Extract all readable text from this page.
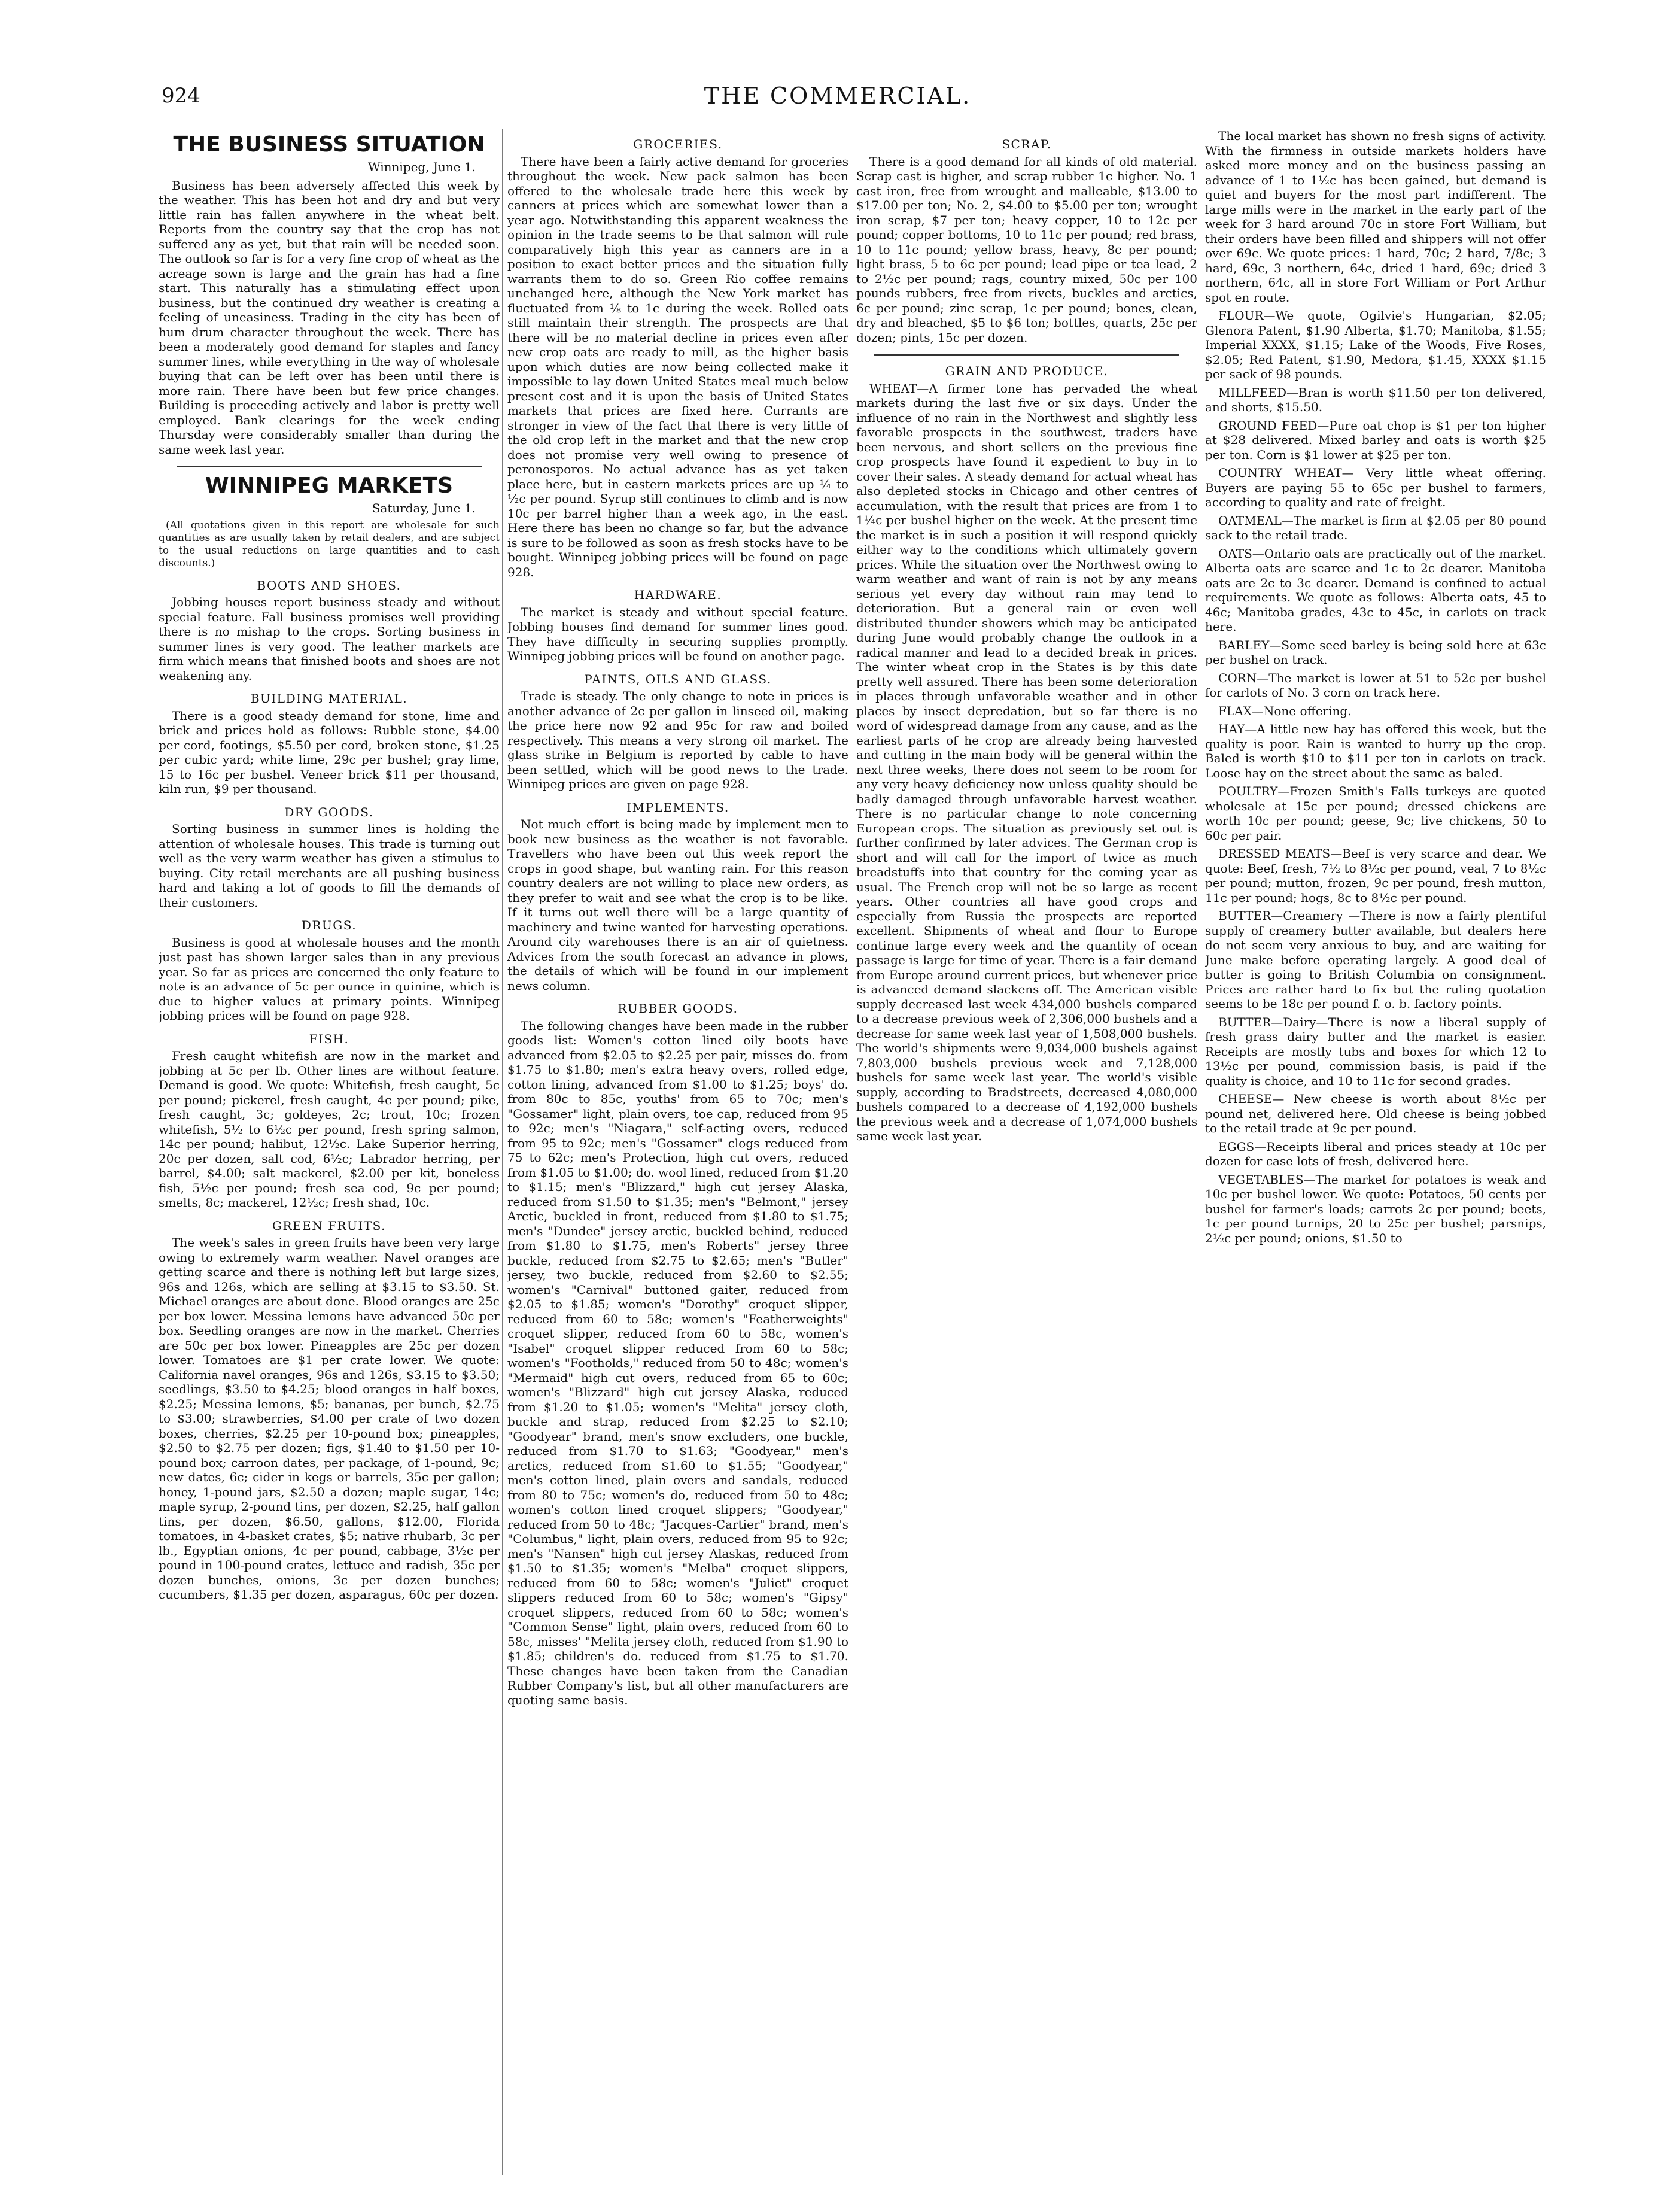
924	THE COMMERCIAL.
THE BUSINESS SITUATION

Winnipeg, June 1.

Business has been adversely affected this week by the weather. This has been hot and dry and but very little rain has fallen anywhere in the wheat belt. Reports from the country say that the crop has not suffered any as yet, but that rain will be needed soon. The outlook so far is for a very fine crop of wheat as the acreage sown is large and the grain has had a fine start. This naturally has a stimulating effect upon business, but the continued dry weather is creating a feeling of uneasiness. Trading in the city has been of hum drum character throughout the week. There has been a moderately good demand for staples and fancy summer lines, while everything in the way of wholesale buying that can be left over has been until there is more rain. There have been but few price changes. Building is proceeding actively and labor is pretty well employed. Bank clearings for the week ending Thursday were considerably smaller than during the same week last year.

WINNIPEG MARKETS

Saturday, June 1.

(All quotations given in this report are wholesale for such quantities as are usually taken by retail dealers, and are subject to the usual reductions on large quantities and to cash discounts.)

BOOTS AND SHOES.

Jobbing houses report business steady and without special feature. Fall business promises well providing there is no mishap to the crops. Sorting business in summer lines is very good. The leather markets are firm which means that finished boots and shoes are not weakening any.

BUILDING MATERIAL.

There is a good steady demand for stone, lime and brick and prices hold as follows: Rubble stone, $4.00 per cord, footings, $5.50 per cord, broken stone, $1.25 per cubic yard; white lime, 29c per bushel; gray lime, 15 to 16c per bushel. Veneer brick $11 per thousand, kiln run, $9 per thousand.

DRY GOODS.

Sorting business in summer lines is holding the attention of wholesale houses. This trade is turning out well as the very warm weather has given a stimulus to buying. City retail merchants are all pushing business hard and taking a lot of goods to fill the demands of their customers.

DRUGS.

Business is good at wholesale houses and the month just past has shown larger sales than in any previous year. So far as prices are concerned the only feature to note is an advance of 5c per ounce in quinine, which is due to higher values at primary points. Winnipeg jobbing prices will be found on page 928.

FISH.

Fresh caught whitefish are now in the market and jobbing at 5c per lb. Other lines are without feature. Demand is good. We quote: Whitefish, fresh caught, 5c per pound; pickerel, fresh caught, 4c per pound; pike, fresh caught, 3c; goldeyes, 2c; trout, 10c; frozen whitefish, 5½ to 6½c per pound, fresh spring salmon, 14c per pound; halibut, 12½c. Lake Superior herring, 20c per dozen, salt cod, 6½c; Labrador herring, per barrel, $4.00; salt mackerel, $2.00 per kit, boneless fish, 5½c per pound; fresh sea cod, 9c per pound; smelts, 8c; mackerel, 12½c; fresh shad, 10c.

GREEN FRUITS.

The week's sales in green fruits have been very large owing to extremely warm weather. Navel oranges are getting scarce and there is nothing left but large sizes, 96s and 126s, which are selling at $3.15 to $3.50. St. Michael oranges are about done. Blood oranges are 25c per box lower. Messina lemons have advanced 50c per box. Seedling oranges are now in the market. Cherries are 50c per box lower. Pineapples are 25c per dozen lower. Tomatoes are $1 per crate lower. We quote: California navel oranges, 96s and 126s, $3.15 to $3.50; seedlings, $3.50 to $4.25; blood oranges in half boxes, $2.25; Messina lemons, $5; bananas, per bunch, $2.75 to $3.00; strawberries, $4.00 per crate of two dozen boxes, cherries, $2.25 per 10-pound box; pineapples, $2.50 to $2.75 per dozen; figs, $1.40 to $1.50 per 10-pound box; carroon dates, per package, of 1-pound, 9c; new dates, 6c; cider in kegs or barrels, 35c per gallon; honey, 1-pound jars, $2.50 a dozen; maple sugar, 14c; maple syrup, 2-pound tins, per dozen, $2.25, half gallon tins, per dozen, $6.50, gallons, $12.00, Florida tomatoes, in 4-basket crates, $5; native rhubarb, 3c per lb., Egyptian onions, 4c per pound, cabbage, 3½c per pound in 100-pound crates, lettuce and radish, 35c per dozen bunches, onions, 3c per dozen bunches; cucumbers, $1.35 per dozen, asparagus, 60c per dozen.

GROCERIES.

There have been a fairly active demand for groceries throughout the week. New pack salmon has been offered to the wholesale trade here this week by canners at prices which are somewhat lower than a year ago. Notwithstanding this apparent weakness the opinion in the trade seems to be that salmon will rule comparatively high this year as canners are in a position to exact better prices and the situation fully warrants them to do so. Green Rio coffee remains unchanged here, although the New York market has fluctuated from ⅛ to 1c during the week. Rolled oats still maintain their strength. The prospects are that there will be no material decline in prices even after new crop oats are ready to mill, as the higher basis upon which duties are now being collected make it impossible to lay down United States meal much below present cost and it is upon the basis of United States markets that prices are fixed here. Currants are stronger in view of the fact that there is very little of the old crop left in the market and that the new crop does not promise very well owing to presence of peronosporos. No actual advance has as yet taken place here, but in eastern markets prices are up ¼ to ½c per pound. Syrup still continues to climb and is now 10c per barrel higher than a week ago, in the east. Here there has been no change so far, but the advance is sure to be followed as soon as fresh stocks have to be bought. Winnipeg jobbing prices will be found on page 928.

HARDWARE.

The market is steady and without special feature. Jobbing houses find demand for summer lines good. They have difficulty in securing supplies promptly. Winnipeg jobbing prices will be found on another page.

PAINTS, OILS AND GLASS.

Trade is steady. The only change to note in prices is another advance of 2c per gallon in linseed oil, making the price here now 92 and 95c for raw and boiled respectively. This means a very strong oil market. The glass strike in Belgium is reported by cable to have been settled, which will be good news to the trade. Winnipeg prices are given on page 928.

IMPLEMENTS.

Not much effort is being made by implement men to book new business as the weather is not favorable. Travellers who have been out this week report the crops in good shape, but wanting rain. For this reason country dealers are not willing to place new orders, as they prefer to wait and see what the crop is to be like. If it turns out well there will be a large quantity of machinery and twine wanted for harvesting operations. Around city warehouses there is an air of quietness. Advices from the south forecast an advance in plows, the details of which will be found in our implement news column.

RUBBER GOODS.

The following changes have been made in the rubber goods list: Women's cotton lined oily boots have advanced from $2.05 to $2.25 per pair, misses do. from $1.75 to $1.80; men's extra heavy overs, rolled edge, cotton lining, advanced from $1.00 to $1.25; boys' do. from 80c to 85c, youths' from 65 to 70c; men's "Gossamer" light, plain overs, toe cap, reduced from 95 to 92c; men's "Niagara," self-acting overs, reduced from 95 to 92c; men's "Gossamer" clogs reduced from 75 to 62c; men's Protection, high cut overs, reduced from $1.05 to $1.00; do. wool lined, reduced from $1.20 to $1.15; men's "Blizzard," high cut jersey Alaska, reduced from $1.50 to $1.35; men's "Belmont," jersey Arctic, buckled in front, reduced from $1.80 to $1.75; men's "Dundee" jersey arctic, buckled behind, reduced from $1.80 to $1.75, men's Roberts" jersey three buckle, reduced from $2.75 to $2.65; men's "Butler" jersey, two buckle, reduced from $2.60 to $2.55; women's "Carnival" buttoned gaiter, reduced from $2.05 to $1.85; women's "Dorothy" croquet slipper, reduced from 60 to 58c; women's "Featherweights" croquet slipper, reduced from 60 to 58c, women's "Isabel" croquet slipper reduced from 60 to 58c; women's "Footholds," reduced from 50 to 48c; women's "Mermaid" high cut overs, reduced from 65 to 60c; women's "Blizzard" high cut jersey Alaska, reduced from $1.20 to $1.05; women's "Melita" jersey cloth, buckle and strap, reduced from $2.25 to $2.10; "Goodyear" brand, men's snow excluders, one buckle, reduced from $1.70 to $1.63; "Goodyear," men's arctics, reduced from $1.60 to $1.55; "Goodyear," men's cotton lined, plain overs and sandals, reduced from 80 to 75c; women's do, reduced from 50 to 48c; women's cotton lined croquet slippers; "Goodyear," reduced from 50 to 48c; "Jacques-Cartier" brand, men's "Columbus," light, plain overs, reduced from 95 to 92c; men's "Nansen" high cut jersey Alaskas, reduced from $1.50 to $1.35; women's "Melba" croquet slippers, reduced from 60 to 58c; women's "Juliet" croquet slippers reduced from 60 to 58c; women's "Gipsy" croquet slippers, reduced from 60 to 58c; women's "Common Sense" light, plain overs, reduced from 60 to 58c, misses' "Melita jersey cloth, reduced from $1.90 to $1.85; children's do. reduced from $1.75 to $1.70. These changes have been taken from the Canadian Rubber Company's list, but all other manufacturers are quoting same basis.

SCRAP.

There is a good demand for all kinds of old material. Scrap cast is higher, and scrap rubber 1c higher. No. 1 cast iron, free from wrought and malleable, $13.00 to $17.00 per ton; No. 2, $4.00 to $5.00 per ton; wrought iron scrap, $7 per ton; heavy copper, 10 to 12c per pound; copper bottoms, 10 to 11c per pound; red brass, 10 to 11c pound; yellow brass, heavy, 8c per pound; light brass, 5 to 6c per pound; lead pipe or tea lead, 2 to 2½c per pound; rags, country mixed, 50c per 100 pounds rubbers, free from rivets, buckles and arctics, 6c per pound; zinc scrap, 1c per pound; bones, clean, dry and bleached, $5 to $6 ton; bottles, quarts, 25c per dozen; pints, 15c per dozen.

GRAIN AND PRODUCE.

WHEAT—A firmer tone has pervaded the wheat markets during the last five or six days. Under the influence of no rain in the Northwest and slightly less favorable prospects in the southwest, traders have been nervous, and short sellers on the previous fine crop prospects have found it expedient to buy in to cover their sales. A steady demand for actual wheat has also depleted stocks in Chicago and other centres of accumulation, with the result that prices are from 1 to 1¼c per bushel higher on the week. At the present time the market is in such a position it will respond quickly either way to the conditions which ultimately govern prices. While the situation over the Northwest owing to warm weather and want of rain is not by any means serious yet every day without rain may tend to deterioration. But a general rain or even well distributed thunder showers which may be anticipated during June would probably change the outlook in a radical manner and lead to a decided break in prices. The winter wheat crop in the States is by this date pretty well assured. There has been some deterioration in places through unfavorable weather and in other places by insect depredation, but so far there is no word of widespread damage from any cause, and as the earliest parts of he crop are already being harvested and cutting in the main body will be general within the next three weeks, there does not seem to be room for any very heavy deficiency now unless quality should be badly damaged through unfavorable harvest weather. There is no particular change to note concerning European crops. The situation as previously set out is further confirmed by later advices. The German crop is short and will call for the import of twice as much breadstuffs into that country for the coming year as usual. The French crop will not be so large as recent years. Other countries all have good crops and especially from Russia the prospects are reported excellent. Shipments of wheat and flour to Europe continue large every week and the quantity of ocean passage is large for time of year. There is a fair demand from Europe around current prices, but whenever price is advanced demand slackens off. The American visible supply decreased last week 434,000 bushels compared to a decrease previous week of 2,306,000 bushels and a decrease for same week last year of 1,508,000 bushels. The world's shipments were 9,034,000 bushels against 7,803,000 bushels previous week and 7,128,000 bushels for same week last year. The world's visible supply, according to Bradstreets, decreased 4,080,000 bushels compared to a decrease of 4,192,000 bushels the previous week and a decrease of 1,074,000 bushels same week last year.

The local market has shown no fresh signs of activity. With the firmness in outside markets holders have asked more money and on the business passing an advance of 1 to 1½c has been gained, but demand is quiet and buyers for the most part indifferent. The large mills were in the market in the early part of the week for 3 hard around 70c in store Fort William, but their orders have been filled and shippers will not offer over 69c. We quote prices: 1 hard, 70c; 2 hard, 7/8c; 3 hard, 69c, 3 northern, 64c, dried 1 hard, 69c; dried 3 northern, 64c, all in store Fort William or Port Arthur spot en route.

FLOUR—We quote, Ogilvie's Hungarian, $2.05; Glenora Patent, $1.90 Alberta, $1.70; Manitoba, $1.55; Imperial XXXX, $1.15; Lake of the Woods, Five Roses, $2.05; Red Patent, $1.90, Medora, $1.45, XXXX $1.15 per sack of 98 pounds.

MILLFEED—Bran is worth $11.50 per ton delivered, and shorts, $15.50.

GROUND FEED—Pure oat chop is $1 per ton higher at $28 delivered. Mixed barley and oats is worth $25 per ton. Corn is $1 lower at $25 per ton.

COUNTRY WHEAT— Very little wheat offering. Buyers are paying 55 to 65c per bushel to farmers, according to quality and rate of freight.

OATMEAL—The market is firm at $2.05 per 80 pound sack to the retail trade.

OATS—Ontario oats are practically out of the market. Alberta oats are scarce and 1c to 2c dearer. Manitoba oats are 2c to 3c dearer. Demand is confined to actual requirements. We quote as follows: Alberta oats, 45 to 46c; Manitoba grades, 43c to 45c, in carlots on track here.

BARLEY—Some seed barley is being sold here at 63c per bushel on track.

CORN—The market is lower at 51 to 52c per bushel for carlots of No. 3 corn on track here.

FLAX—None offering.

HAY—A little new hay has offered this week, but the quality is poor. Rain is wanted to hurry up the crop. Baled is worth $10 to $11 per ton in carlots on track. Loose hay on the street about the same as baled.

POULTRY—Frozen Smith's Falls turkeys are quoted wholesale at 15c per pound; dressed chickens are worth 10c per pound; geese, 9c; live chickens, 50 to 60c per pair.

DRESSED MEATS—Beef is very scarce and dear. We quote: Beef, fresh, 7½ to 8½c per pound, veal, 7 to 8½c per pound; mutton, frozen, 9c per pound, fresh mutton, 11c per pound; hogs, 8c to 8½c per pound.

BUTTER—Creamery —There is now a fairly plentiful supply of creamery butter available, but dealers here do not seem very anxious to buy, and are waiting for June make before operating largely. A good deal of butter is going to British Columbia on consignment. Prices are rather hard to fix but the ruling quotation seems to be 18c per pound f. o. b. factory points.

BUTTER—Dairy—There is now a liberal supply of fresh grass dairy butter and the market is easier. Receipts are mostly tubs and boxes for which 12 to 13½c per pound, commission basis, is paid if the quality is choice, and 10 to 11c for second grades.

CHEESE— New cheese is worth about 8½c per pound net, delivered here. Old cheese is being jobbed to the retail trade at 9c per pound.

EGGS—Receipts liberal and prices steady at 10c per dozen for case lots of fresh, delivered here.

VEGETABLES—The market for potatoes is weak and 10c per bushel lower. We quote: Potatoes, 50 cents per bushel for farmer's loads; carrots 2c per pound; beets, 1c per pound turnips, 20 to 25c per bushel; parsnips, 2½c per pound; onions, $1.50 to
